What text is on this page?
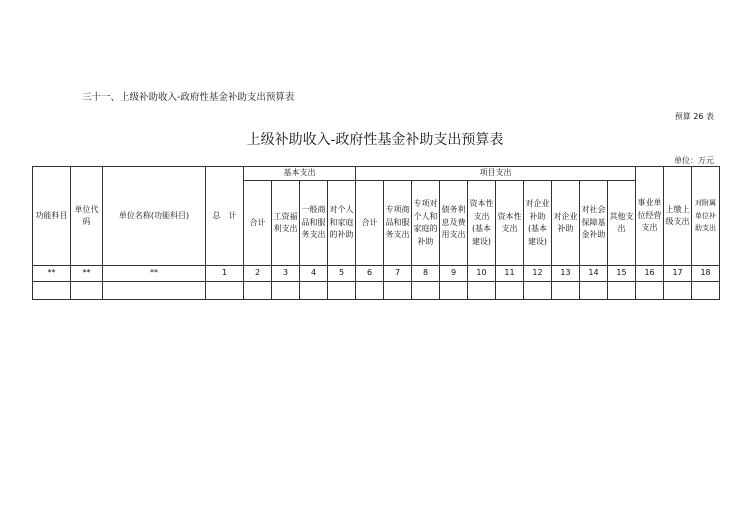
三十一、上级补助收入-政府性基金补助支出预算表
预算 26 表
上级补助收入-政府性基金补助支出预算表
单位：万元
功能科目	单位代码	单位名称(功能科目)	总　计	基本支出				项目支出										事业单位经营支出	上缴上级支出	对附属单位补助支出
				合计	工资福利支出	一般商品和服务支出	对个人和家庭的补助	合计	专项商品和服务支出	专项对个人和家庭的补助	债务利息及费用支出	资本性支出(基本建设)	资本性支出	对企业补助(基本建设)	对企业补助	对社会保障基金补助	其他支出			
**	**	**	1	2	3	4	5	6	7	8	9	10	11	12	13	14	15	16	17	18
